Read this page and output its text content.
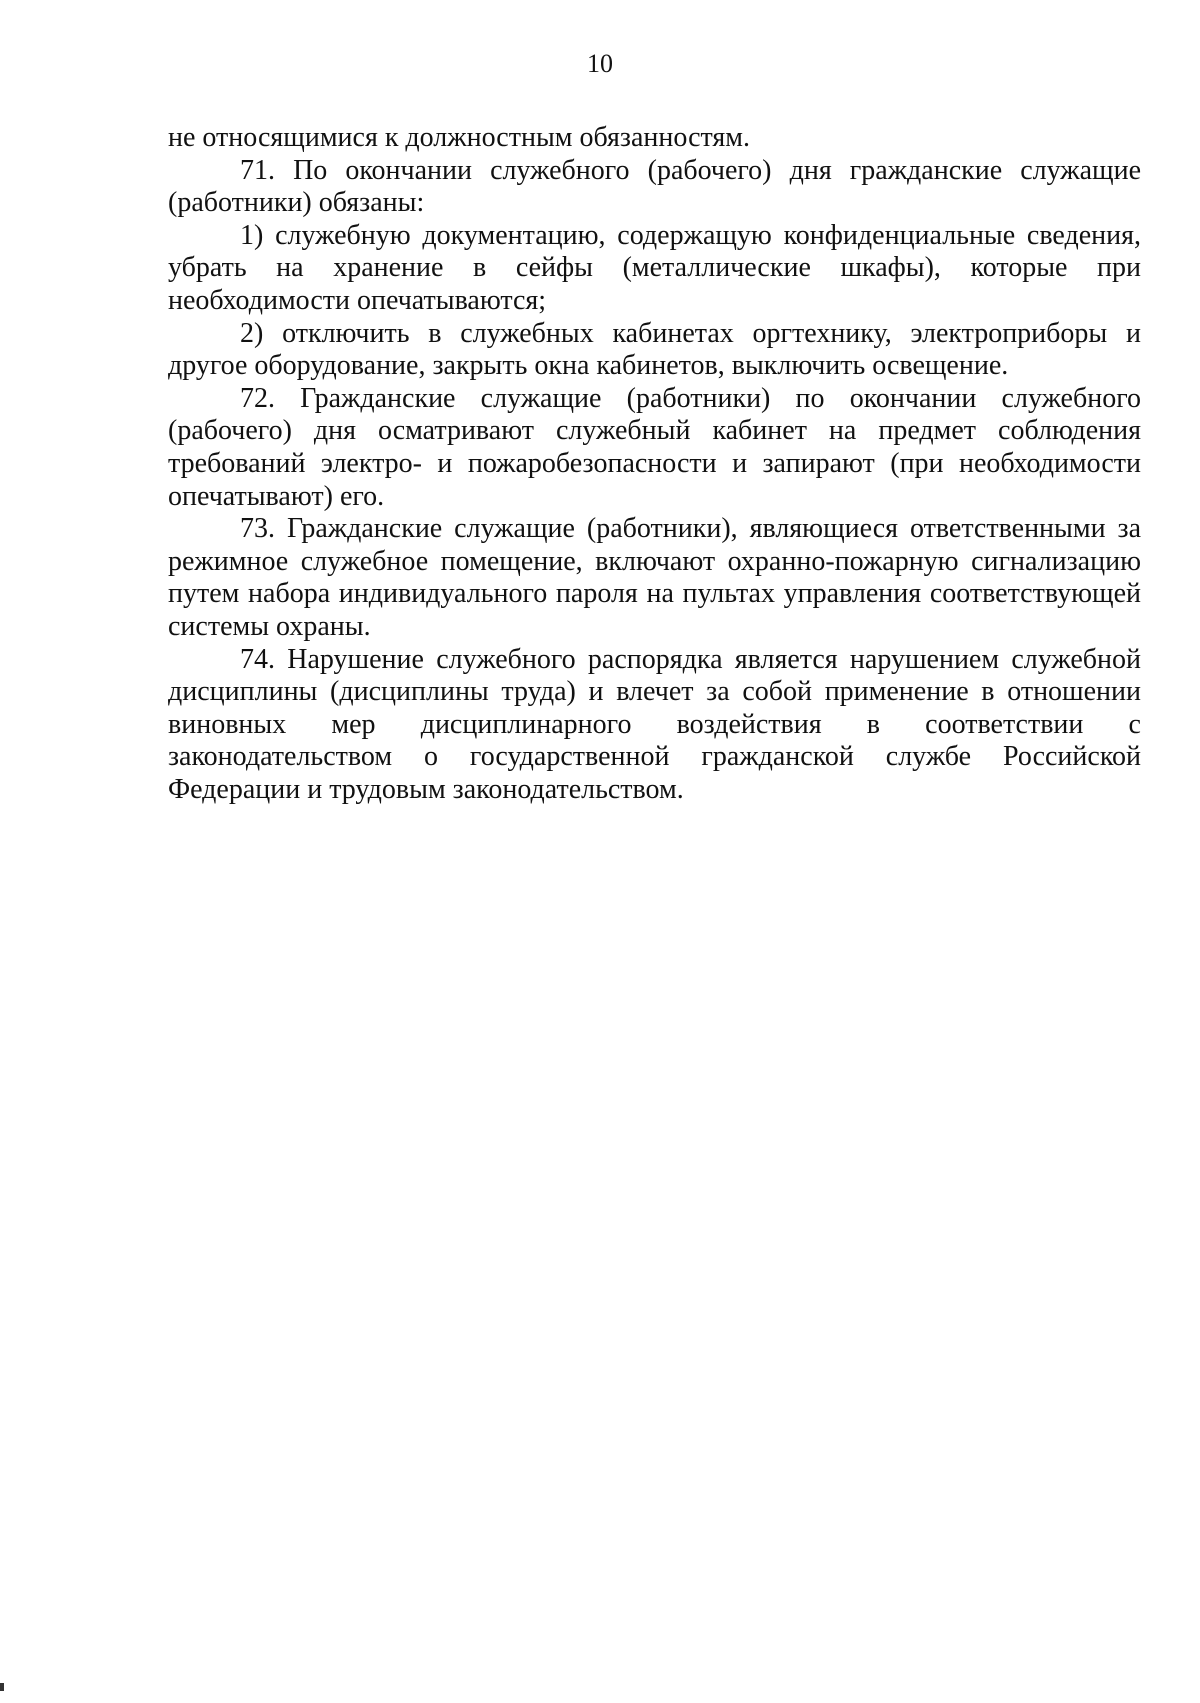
10

не относящимися к должностным обязанностям.

71. По окончании служебного (рабочего) дня гражданские служащие (работники) обязаны:

1) служебную документацию, содержащую конфиденциальные сведения, убрать на хранение в сейфы (металлические шкафы), которые при необходимости опечатываются;

2) отключить в служебных кабинетах оргтехнику, электроприборы и другое оборудование, закрыть окна кабинетов, выключить освещение.

72. Гражданские служащие (работники) по окончании служебного (рабочего) дня осматривают служебный кабинет на предмет соблюдения требований электро- и пожаробезопасности и запирают (при необходимости опечатывают) его.

73. Гражданские служащие (работники), являющиеся ответственными за режимное служебное помещение, включают охранно-пожарную сигнализацию путем набора индивидуального пароля на пультах управления соответствующей системы охраны.

74. Нарушение служебного распорядка является нарушением служебной дисциплины (дисциплины труда) и влечет за собой применение в отношении виновных мер дисциплинарного воздействия в соответствии с законодательством о государственной гражданской службе Российской Федерации и трудовым законодательством.
